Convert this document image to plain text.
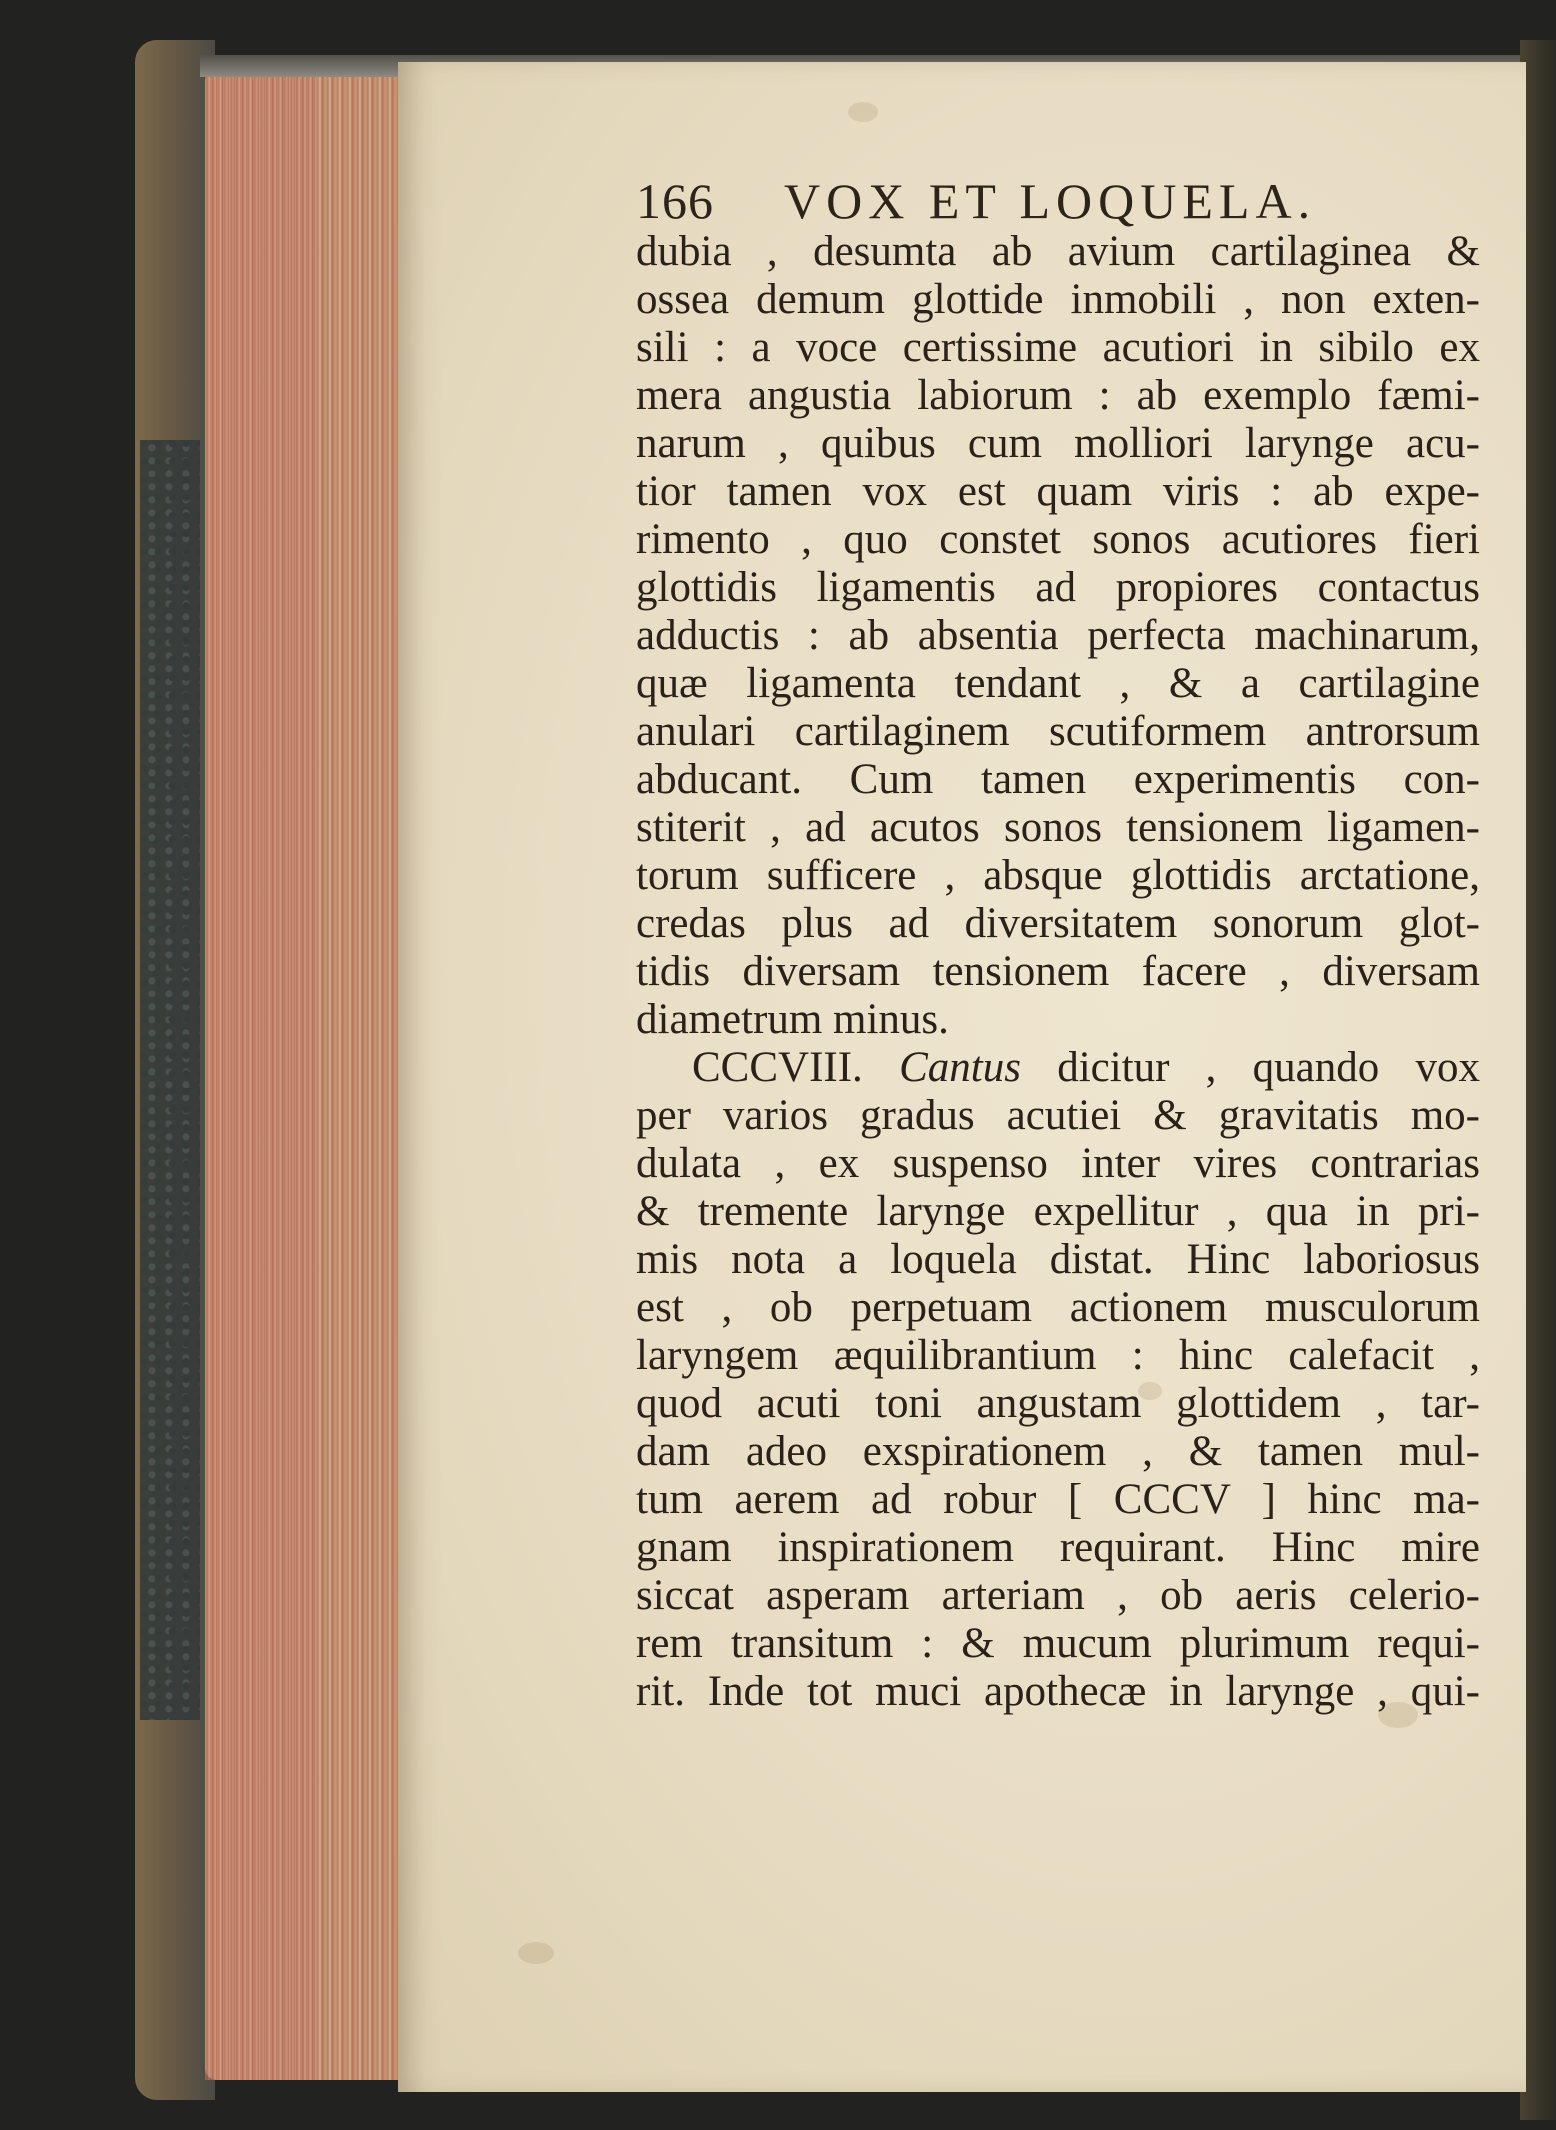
166 VOX ET LOQUELA.
dubia , desumta ab avium cartilaginea &
ossea demum glottide inmobili , non exten-
sili : a voce certissime acutiori in sibilo ex
mera angustia labiorum : ab exemplo fæmi-
narum , quibus cum molliori larynge acu-
tior tamen vox est quam viris : ab expe-
rimento , quo constet sonos acutiores fieri
glottidis ligamentis ad propiores contactus
adductis : ab absentia perfecta machinarum,
quæ ligamenta tendant , & a cartilagine
anulari cartilaginem scutiformem antrorsum
abducant. Cum tamen experimentis con-
stiterit , ad acutos sonos tensionem ligamen-
torum sufficere , absque glottidis arctatione,
credas plus ad diversitatem sonorum glot-
tidis diversam tensionem facere , diversam
diametrum minus.
CCCVIII. Cantus dicitur , quando vox
per varios gradus acutiei & gravitatis mo-
dulata , ex suspenso inter vires contrarias
& tremente larynge expellitur , qua in pri-
mis nota a loquela distat. Hinc laboriosus
est , ob perpetuam actionem musculorum
laryngem æquilibrantium : hinc calefacit ,
quod acuti toni angustam glottidem , tar-
dam adeo exspirationem , & tamen mul-
tum aerem ad robur [ CCCV ] hinc ma-
gnam inspirationem requirant. Hinc mire
siccat asperam arteriam , ob aeris celerio-
rem transitum : & mucum plurimum requi-
rit. Inde tot muci apothecæ in larynge , qui-
